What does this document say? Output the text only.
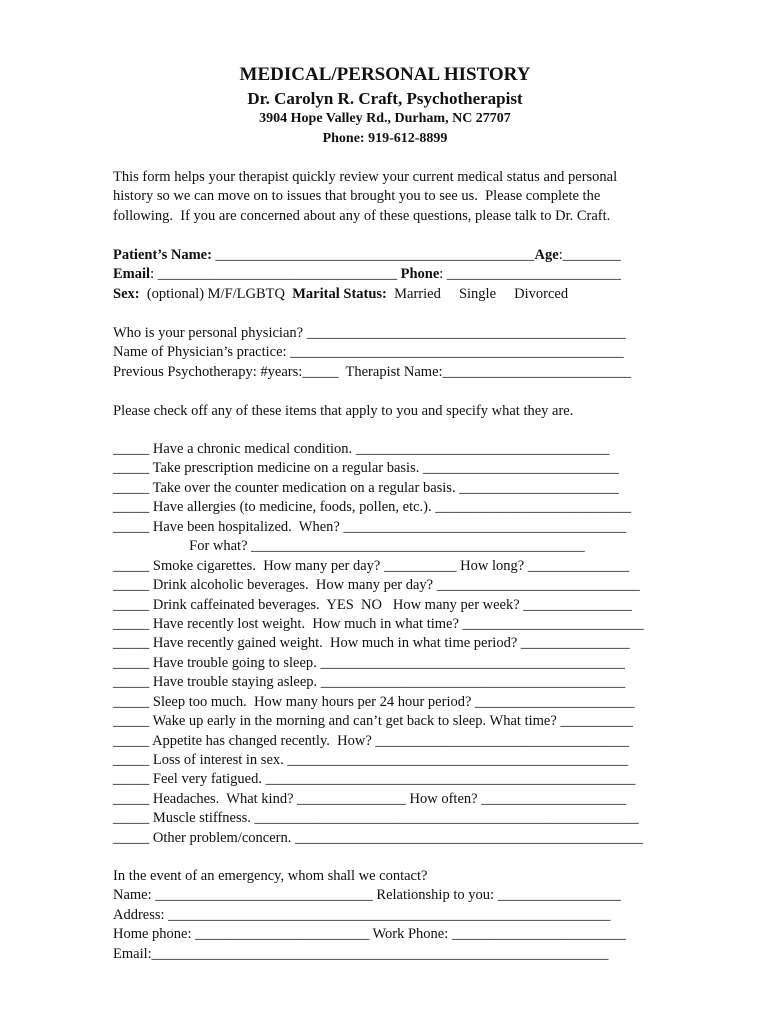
MEDICAL/PERSONAL HISTORY
Dr. Carolyn R. Craft, Psychotherapist
3904 Hope Valley Rd., Durham, NC 27707
Phone: 919-612-8899
This form helps your therapist quickly review your current medical status and personal
history so we can move on to issues that brought you to see us.  Please complete the
following.  If you are concerned about any of these questions, please talk to Dr. Craft.
Patient’s Name: ____________________________________________Age:________
Email: _________________________________ Phone: ________________________
Sex:  (optional) M/F/LGBTQ  Marital Status:  Married     Single     Divorced
Who is your personal physician? ____________________________________________
Name of Physician’s practice: ______________________________________________
Previous Psychotherapy: #years:_____  Therapist Name:__________________________
Please check off any of these items that apply to you and specify what they are.
_____ Have a chronic medical condition. ___________________________________
_____ Take prescription medicine on a regular basis. ___________________________
_____ Take over the counter medication on a regular basis. ______________________
_____ Have allergies (to medicine, foods, pollen, etc.). ___________________________
_____ Have been hospitalized.  When? _______________________________________
For what? ______________________________________________
_____ Smoke cigarettes.  How many per day? __________ How long? ______________
_____ Drink alcoholic beverages.  How many per day? ____________________________
_____ Drink caffeinated beverages.  YES  NO   How many per week? _______________
_____ Have recently lost weight.  How much in what time? _________________________
_____ Have recently gained weight.  How much in what time period? _______________
_____ Have trouble going to sleep. __________________________________________
_____ Have trouble staying asleep. __________________________________________
_____ Sleep too much.  How many hours per 24 hour period? ______________________
_____ Wake up early in the morning and can’t get back to sleep. What time? __________
_____ Appetite has changed recently.  How? ___________________________________
_____ Loss of interest in sex. _______________________________________________
_____ Feel very fatigued. ___________________________________________________
_____ Headaches.  What kind? _______________ How often? ____________________
_____ Muscle stiffness. _____________________________________________________
_____ Other problem/concern. ________________________________________________
In the event of an emergency, whom shall we contact?
Name: ______________________________ Relationship to you: _________________
Address: _____________________________________________________________
Home phone: ________________________ Work Phone: ________________________
Email:_______________________________________________________________
